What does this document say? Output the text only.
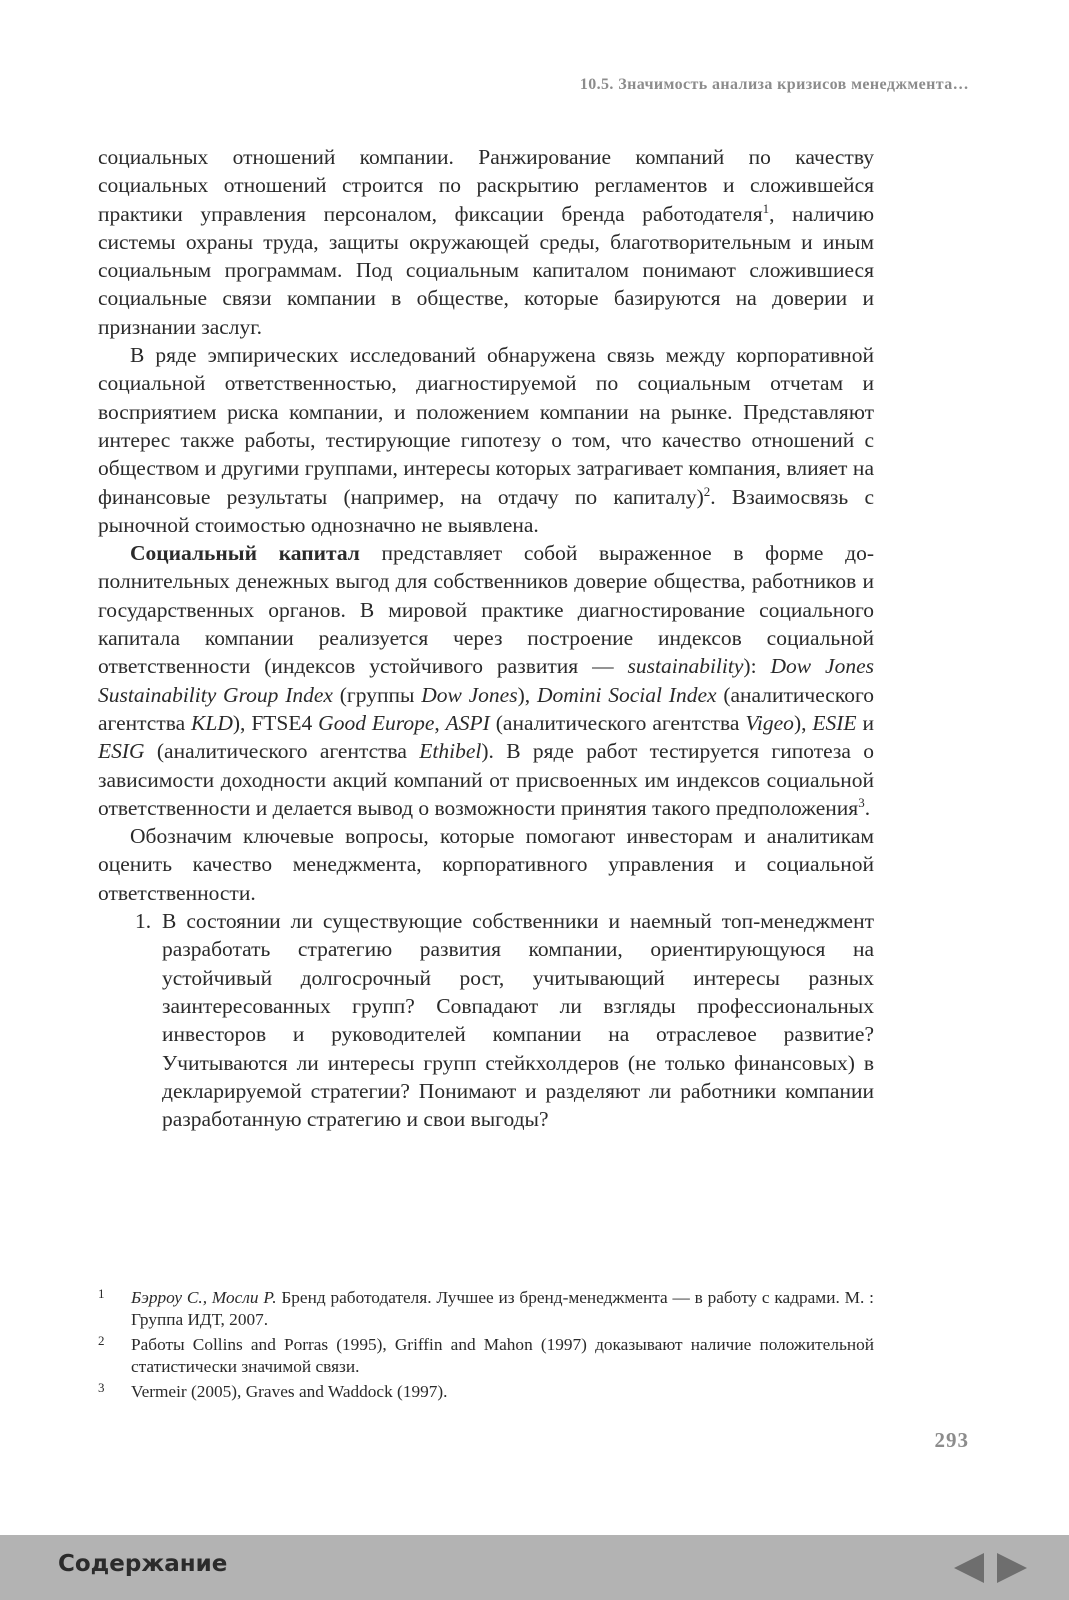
10.5. Значимость анализа кризисов менеджмента…

социальных отношений компании. Ранжирование компаний по качеству социальных отношений строится по раскрытию регламентов и сложившейся практики управления персоналом, фиксации бренда работодателя$^1$, наличию системы охраны труда, защиты окружающей среды, благотворительным и иным социальным программам. Под социальным капиталом понимают сложившиеся социальные связи компании в обществе, которые базируются на доверии и признании заслуг.

В ряде эмпирических исследований обнаружена связь между корпоративной социальной ответственностью, диагностируемой по социальным отчетам и восприятием риска компании, и положением компании на рынке. Представляют интерес также работы, тестирующие гипотезу о том, что качество отношений с обществом и другими группами, интересы которых затрагивает компания, влияет на финансовые результаты (например, на отдачу по капиталу)$^2$. Взаимосвязь с рыночной стоимостью однозначно не выявлена.

Социальный капитал представляет собой выраженное в форме дополнительных денежных выгод для собственников доверие общества, работников и государственных органов. В мировой практике диагностирование социального капитала компании реализуется через построение индексов социальной ответственности (индексов устойчивого развития — sustainability): Dow Jones Sustainability Group Index (группы Dow Jones), Domini Social Index (аналитического агентства KLD), FTSE4 Good Europe, ASPI (аналитического агентства Vigeo), ESIE и ESIG (аналитического агентства Ethibel). В ряде работ тестируется гипотеза о зависимости доходности акций компаний от присвоенных им индексов социальной ответственности и делается вывод о возможности принятия такого предположения$^3$.

Обозначим ключевые вопросы, которые помогают инвесторам и аналитикам оценить качество менеджмента, корпоративного управления и социальной ответственности.

1. В состоянии ли существующие собственники и наемный топ-менеджмент разработать стратегию развития компании, ориентирующуюся на устойчивый долгосрочный рост, учитывающий интересы разных заинтересованных групп? Совпадают ли взгляды профессиональных инвесторов и руководителей компании на отраслевое развитие? Учитываются ли интересы групп стейкхолдеров (не только финансовых) в декларируемой стратегии? Понимают и разделяют ли работники компании разработанную стратегию и свои выгоды?
1 Бэрроу С., Мосли Р. Бренд работодателя. Лучшее из бренд-менеджмента — в работу с кадрами. М. : Группа ИДТ, 2007.
2 Работы Collins and Porras (1995), Griffin and Mahon (1997) доказывают наличие положительной статистически значимой связи.
3 Vermeir (2005), Graves and Waddock (1997).
293
Содержание
